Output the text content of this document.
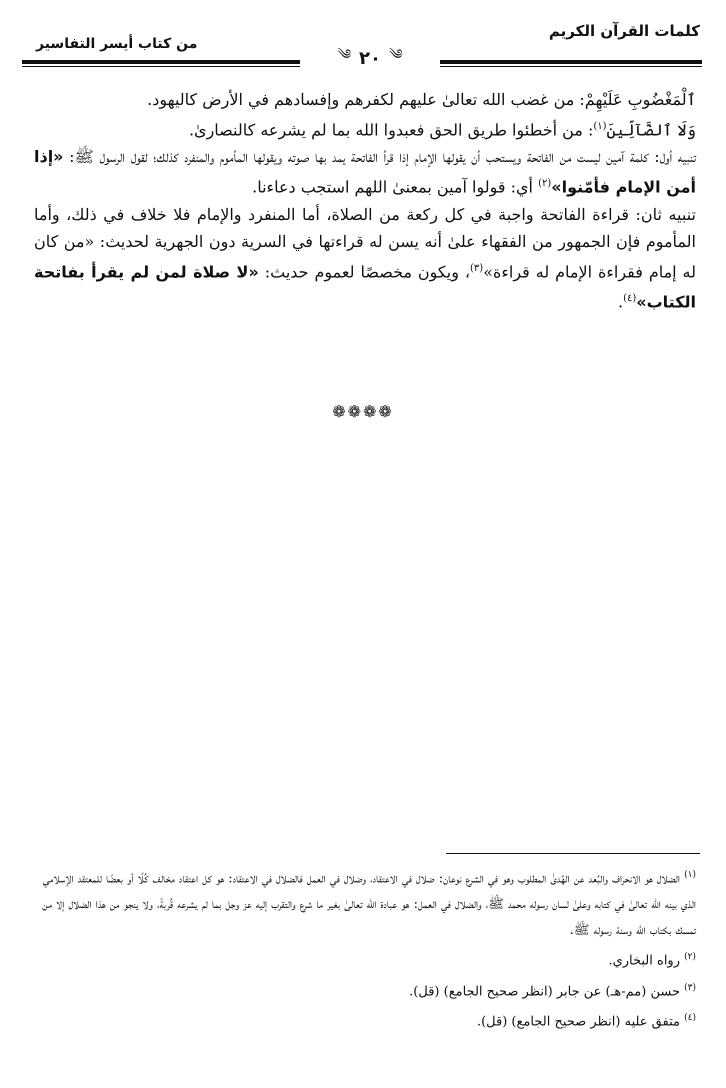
كلمات القرآن الكريم
من كتاب أيسر التفاسير
༄ ٢٠ ༄

ٱلْمَغْضُوبِ عَلَيْهِمْ: من غضب الله تعالىٰ عليهم لكفرهم وإفسادهم في الأرض كاليهود.

وَلَا ٱلضَّآلِّينَ$^{(١)}$: من أخطئوا طريق الحق فعبدوا الله بما لم يشرعه كالنصارىٰ.

تنبيه أول: كلمة آمين ليست من الفاتحة ويستحب أن يقولها الإمام إذا قرأ الفاتحة يمد بها صوته ويقولها المأموم والمنفرد كذلك؛ لقول الرسول ﷺ: «إذا أمن الإمام فأمّنوا»$^{(٢)}$ أي: قولوا آمين بمعنىٰ اللهم استجب دعاءنا.

تنبيه ثان: قراءة الفاتحة واجبة في كل ركعة من الصلاة، أما المنفرد والإمام فلا خلاف في ذلك، وأما المأموم فإن الجمهور من الفقهاء علىٰ أنه يسن له قراءتها في السرية دون الجهرية لحديث: «من كان له إمام فقراءة الإمام له قراءة»$^{(٣)}$، ويكون مخصصًا لعموم حديث: «لا صلاة لمن لم يقرأ بفاتحة الكتاب»$^{(٤)}$.

❁❁❁❁

$^{(١)}$ الضلال هو الانحراف والبُعد عن الهُدىٰ المطلوب وهو في الشرع نوعان: ضلال في الاعتقاد، وضلال في العمل فالضلال في الاعتقاد: هو كل اعتقاد مخالف كُلًا أو بعضًا للمعتقد الإسلامي الذي بينه الله تعالىٰ في كتابه وعلىٰ لسان رسوله محمد ﷺ، والضلال في العمل: هو عبادة الله تعالىٰ بغير ما شرع والتقرب إليه عز وجل بما لم يشرعه قُربةً، ولا ينجو من هذا الضلال إلا من تمسك بكتاب الله وسنة رسوله ﷺ.

$^{(٢)}$ رواه البخاري.

$^{(٣)}$ حسن (مم-هـ) عن جابر (انظر صحيح الجامع) (قل).

$^{(٤)}$ متفق عليه (انظر صحيح الجامع) (قل).
